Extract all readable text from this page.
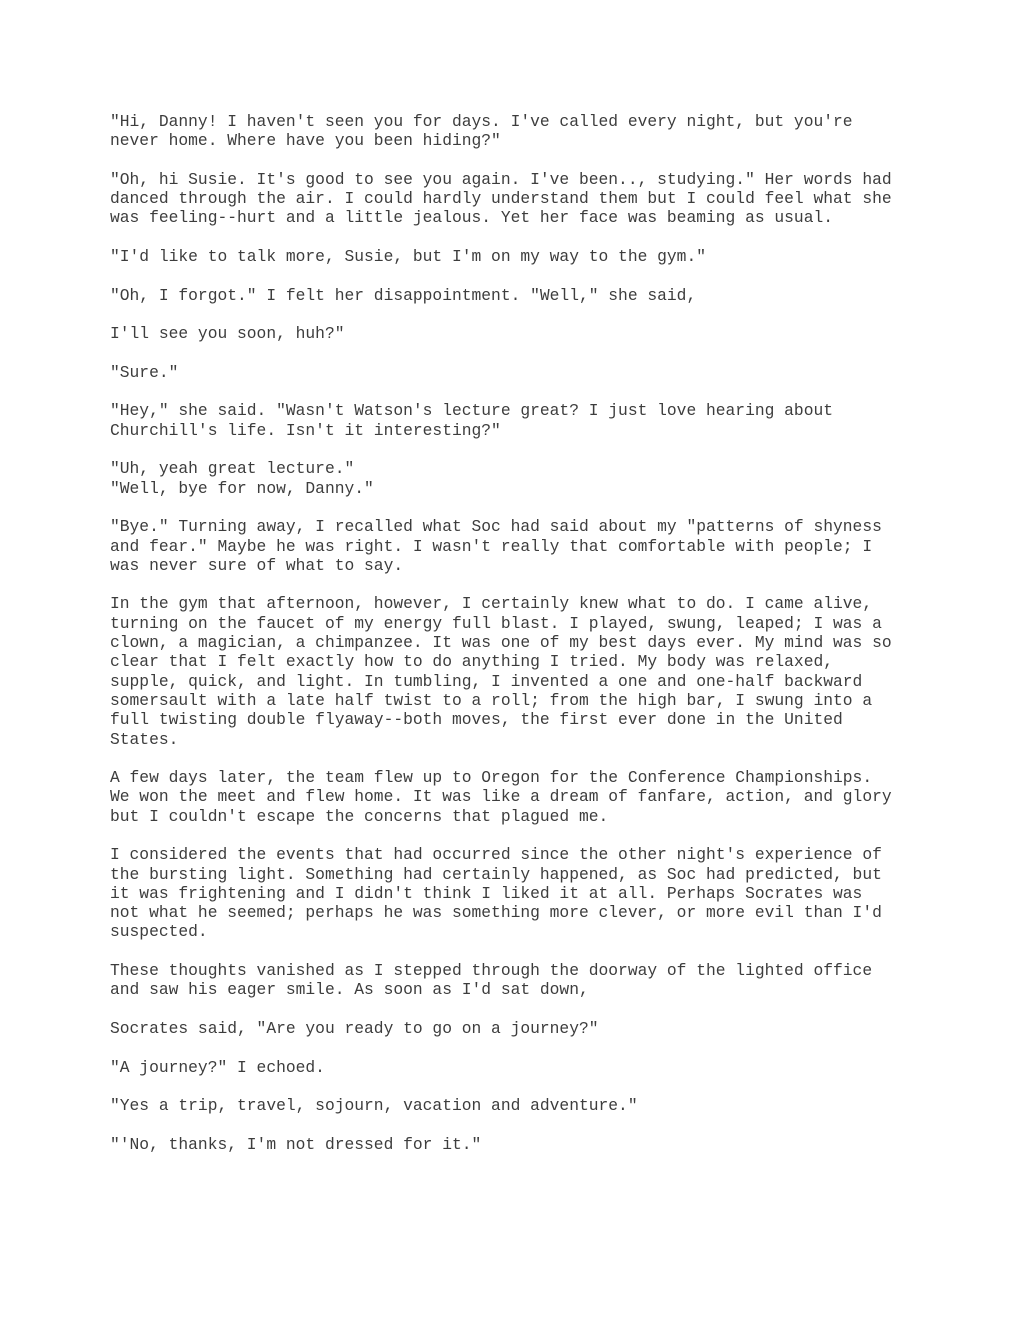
"Hi, Danny! I haven't seen you for days. I've called every night, but you're
never home. Where have you been hiding?"
"Oh, hi Susie. It's good to see you again. I've been.., studying." Her words had
danced through the air. I could hardly understand them but I could feel what she
was feeling--hurt and a little jealous. Yet her face was beaming as usual.
"I'd like to talk more, Susie, but I'm on my way to the gym."
"Oh, I forgot." I felt her disappointment. "Well," she said,
I'll see you soon, huh?"
"Sure."
"Hey," she said. "Wasn't Watson's lecture great? I just love hearing about
Churchill's life. Isn't it interesting?"
"Uh, yeah great lecture."
"Well, bye for now, Danny."
"Bye." Turning away, I recalled what Soc had said about my "patterns of shyness
and fear." Maybe he was right. I wasn't really that comfortable with people; I
was never sure of what to say.
In the gym that afternoon, however, I certainly knew what to do. I came alive,
turning on the faucet of my energy full blast. I played, swung, leaped; I was a
clown, a magician, a chimpanzee. It was one of my best days ever. My mind was so
clear that I felt exactly how to do anything I tried. My body was relaxed,
supple, quick, and light. In tumbling, I invented a one and one-half backward
somersault with a late half twist to a roll; from the high bar, I swung into a
full twisting double flyaway--both moves, the first ever done in the United
States.
A few days later, the team flew up to Oregon for the Conference Championships.
We won the meet and flew home. It was like a dream of fanfare, action, and glory
but I couldn't escape the concerns that plagued me.
I considered the events that had occurred since the other night's experience of
the bursting light. Something had certainly happened, as Soc had predicted, but
it was frightening and I didn't think I liked it at all. Perhaps Socrates was
not what he seemed; perhaps he was something more clever, or more evil than I'd
suspected.
These thoughts vanished as I stepped through the doorway of the lighted office
and saw his eager smile. As soon as I'd sat down,
Socrates said, "Are you ready to go on a journey?"
"A journey?" I echoed.
"Yes a trip, travel, sojourn, vacation and adventure."
"'No, thanks, I'm not dressed for it."
